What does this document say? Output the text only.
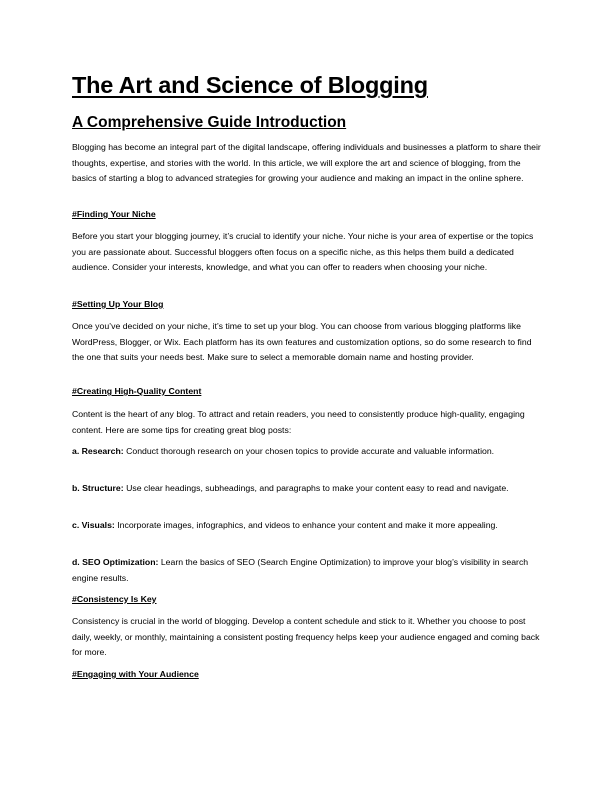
The Art and Science of Blogging
A Comprehensive Guide Introduction

Blogging has become an integral part of the digital landscape, offering individuals and businesses a platform to share their thoughts, expertise, and stories with the world. In this article, we will explore the art and science of blogging, from the basics of starting a blog to advanced strategies for growing your audience and making an impact in the online sphere.

#Finding Your Niche

Before you start your blogging journey, it’s crucial to identify your niche. Your niche is your area of expertise or the topics you are passionate about. Successful bloggers often focus on a specific niche, as this helps them build a dedicated audience. Consider your interests, knowledge, and what you can offer to readers when choosing your niche.

#Setting Up Your Blog

Once you’ve decided on your niche, it’s time to set up your blog. You can choose from various blogging platforms like WordPress, Blogger, or Wix. Each platform has its own features and customization options, so do some research to find the one that suits your needs best. Make sure to select a memorable domain name and hosting provider.

#Creating High-Quality Content

Content is the heart of any blog. To attract and retain readers, you need to consistently produce high-quality, engaging content. Here are some tips for creating great blog posts:

a. Research: Conduct thorough research on your chosen topics to provide accurate and valuable information.

b. Structure: Use clear headings, subheadings, and paragraphs to make your content easy to read and navigate.

c. Visuals: Incorporate images, infographics, and videos to enhance your content and make it more appealing.

d. SEO Optimization: Learn the basics of SEO (Search Engine Optimization) to improve your blog’s visibility in search engine results.

#Consistency Is Key

Consistency is crucial in the world of blogging. Develop a content schedule and stick to it. Whether you choose to post daily, weekly, or monthly, maintaining a consistent posting frequency helps keep your audience engaged and coming back for more.

#Engaging with Your Audience
